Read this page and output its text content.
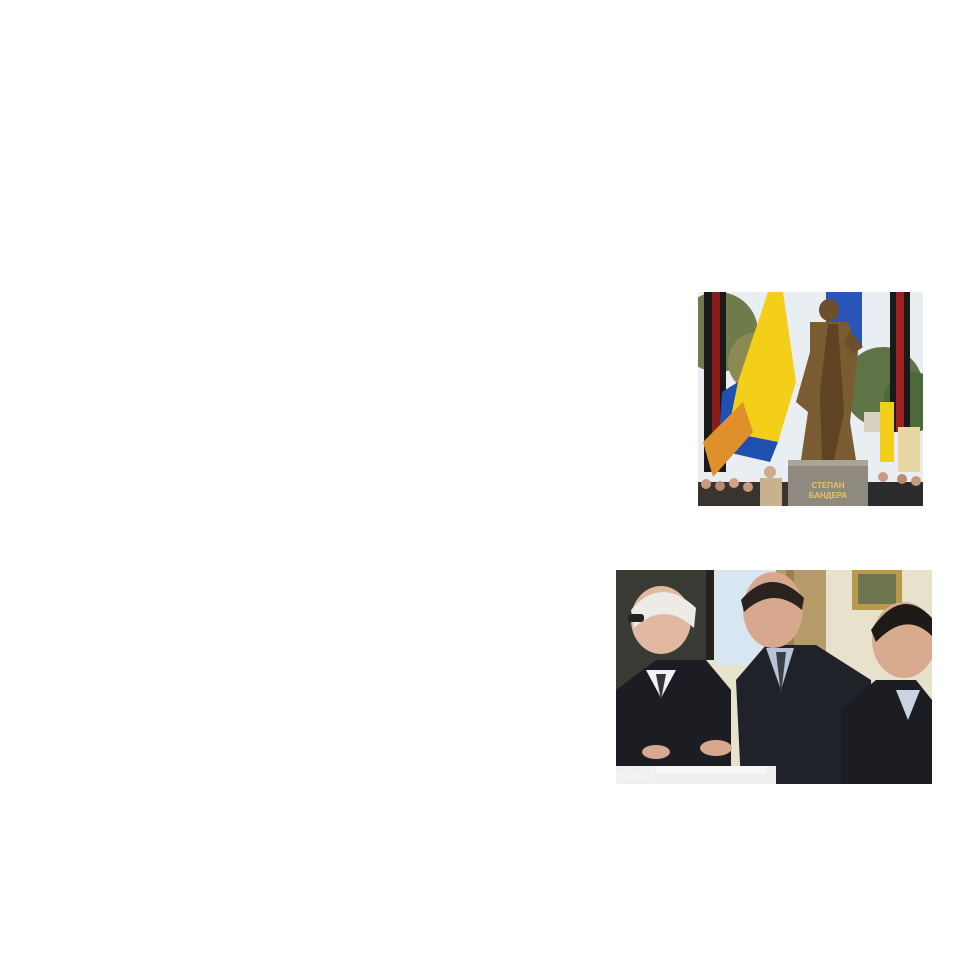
СТЕПАН
БАНДЕРА
EWILL
